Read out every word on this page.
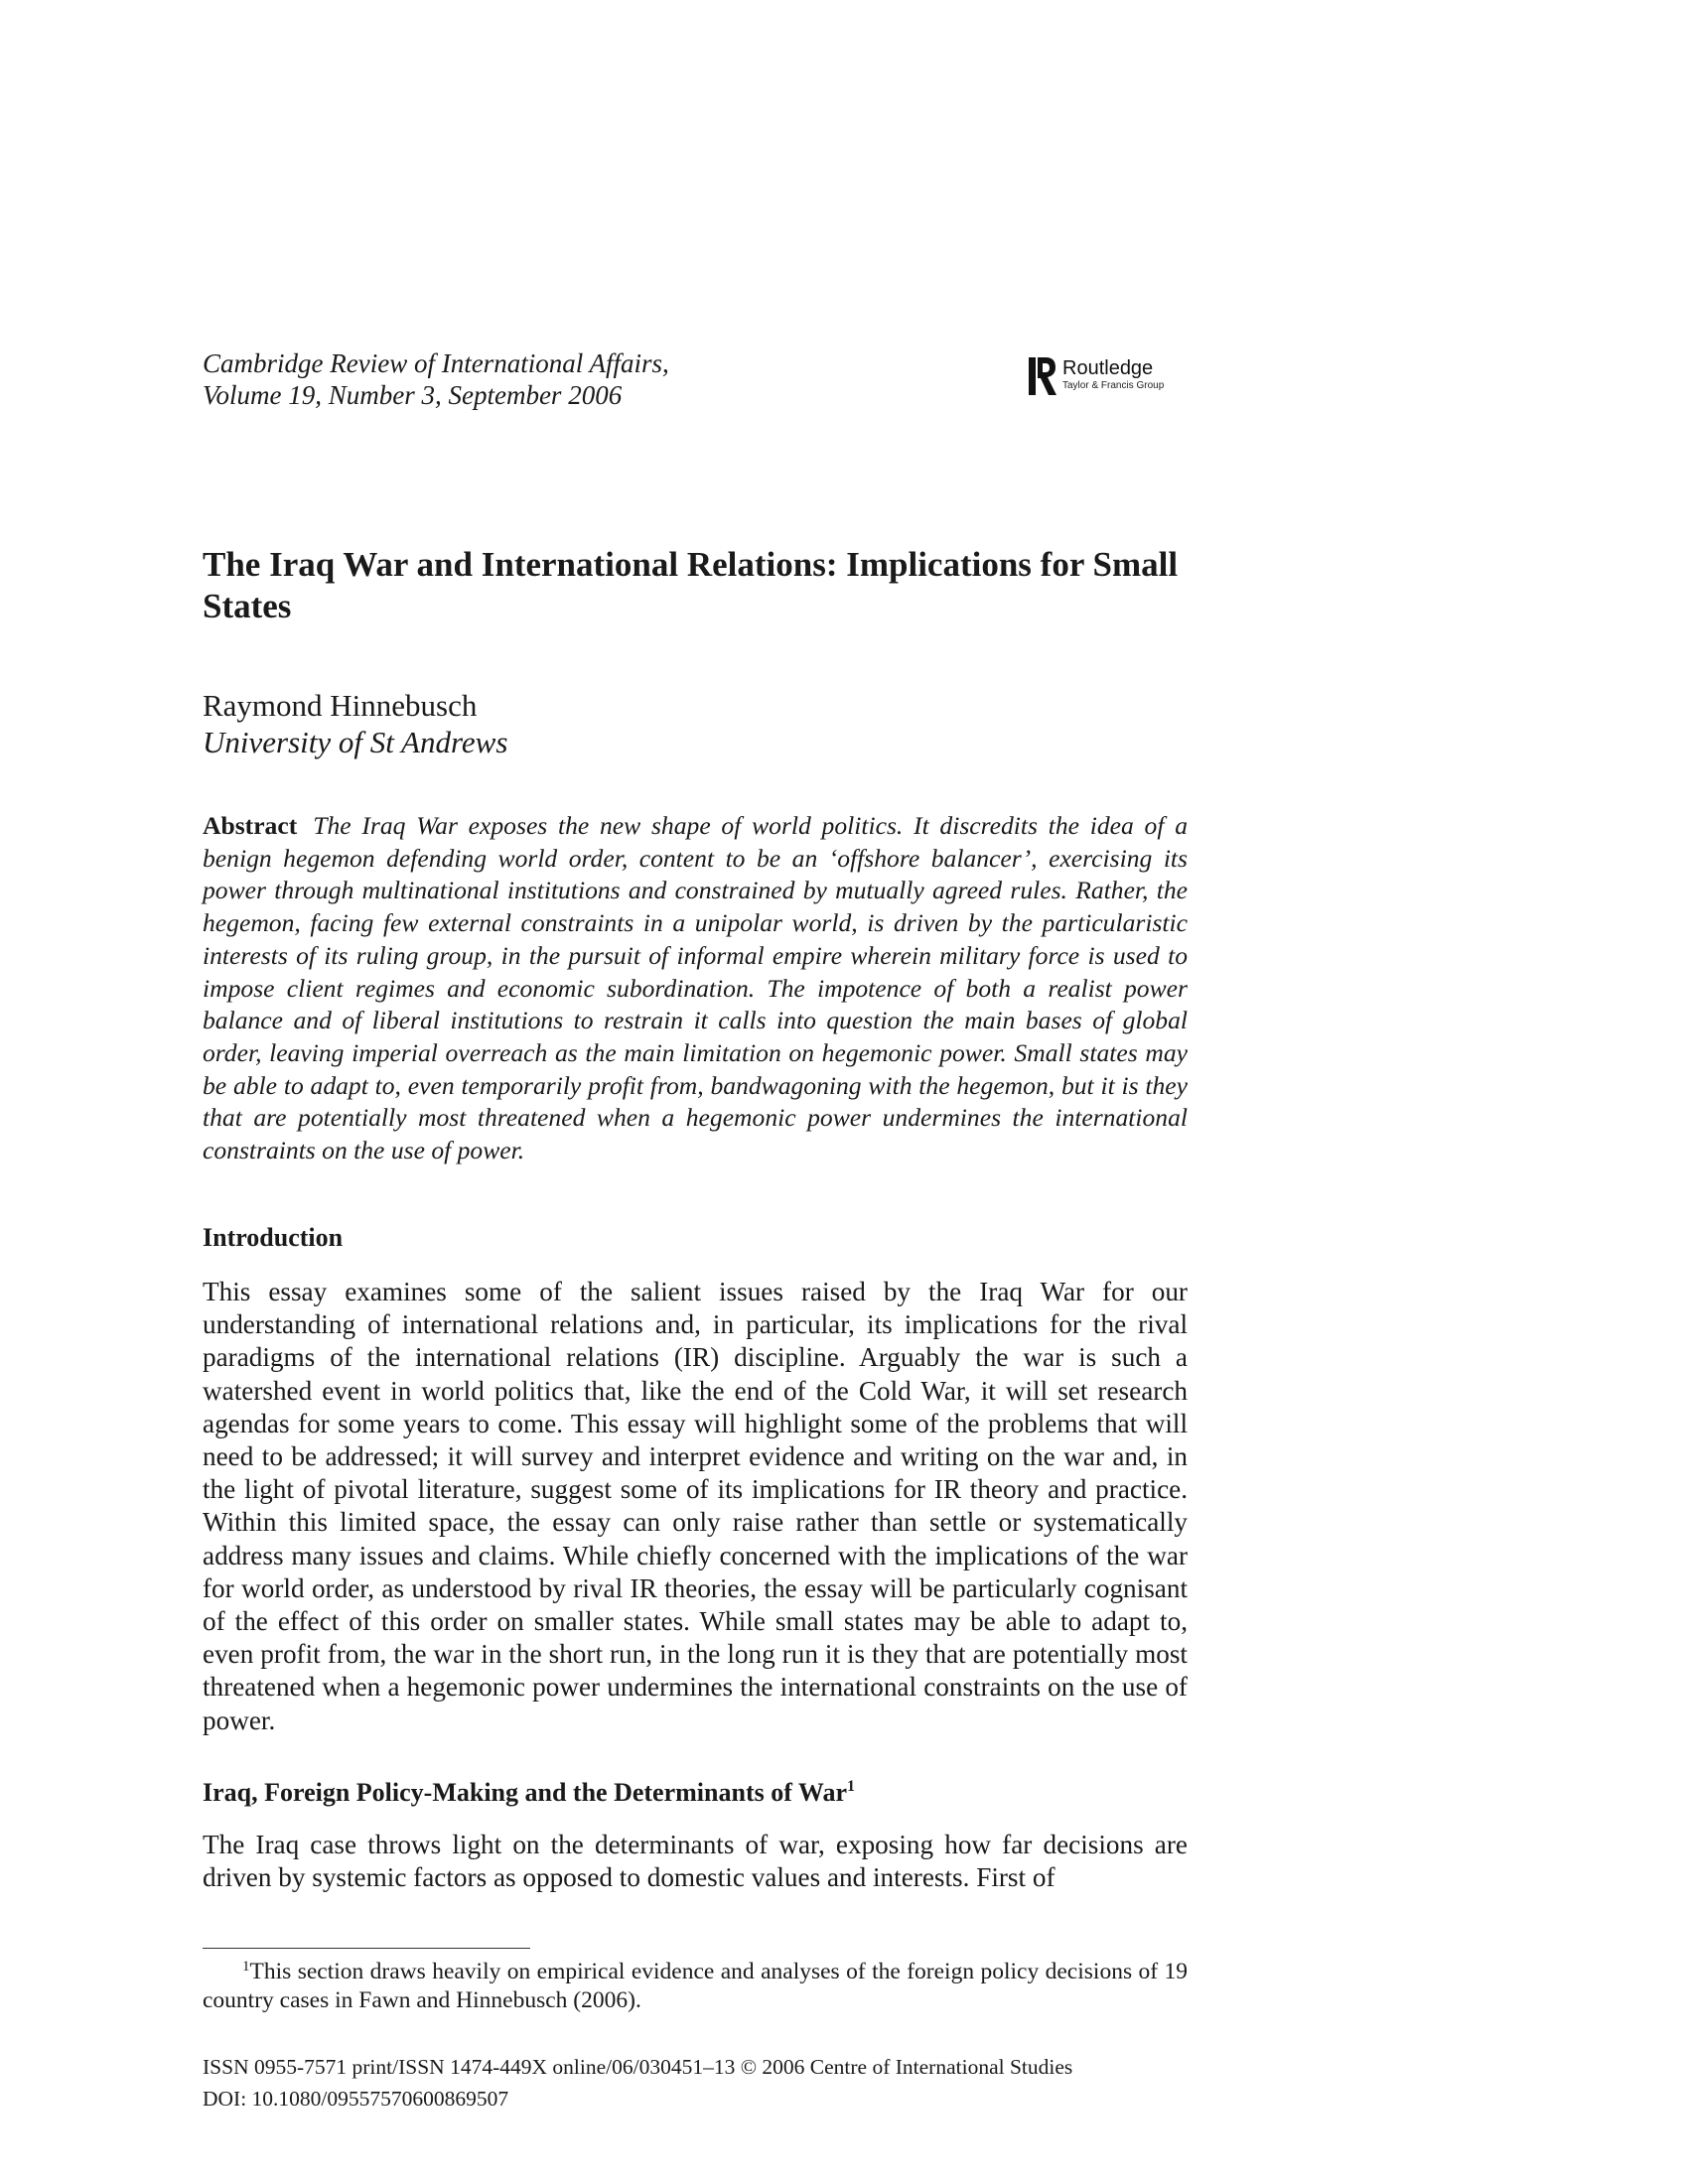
Cambridge Review of International Affairs,

Volume 19, Number 3, September 2006

Routledge
Taylor & Francis Group
The Iraq War and International Relations: Implications for Small States

Raymond Hinnebusch

University of St Andrews

Abstract The Iraq War exposes the new shape of world politics. It discredits the idea of a benign hegemon defending world order, content to be an ‘offshore balancer’, exercising its power through multinational institutions and constrained by mutually agreed rules. Rather, the hegemon, facing few external constraints in a unipolar world, is driven by the particularistic interests of its ruling group, in the pursuit of informal empire wherein military force is used to impose client regimes and economic subordination. The impotence of both a realist power balance and of liberal institutions to restrain it calls into question the main bases of global order, leaving imperial overreach as the main limitation on hegemonic power. Small states may be able to adapt to, even temporarily profit from, bandwagoning with the hegemon, but it is they that are potentially most threatened when a hegemonic power undermines the international constraints on the use of power.

Introduction

This essay examines some of the salient issues raised by the Iraq War for our understanding of international relations and, in particular, its implications for the rival paradigms of the international relations (IR) discipline. Arguably the war is such a watershed event in world politics that, like the end of the Cold War, it will set research agendas for some years to come. This essay will highlight some of the problems that will need to be addressed; it will survey and interpret evidence and writing on the war and, in the light of pivotal literature, suggest some of its implications for IR theory and practice. Within this limited space, the essay can only raise rather than settle or systematically address many issues and claims. While chiefly concerned with the implications of the war for world order, as understood by rival IR theories, the essay will be particularly cognisant of the effect of this order on smaller states. While small states may be able to adapt to, even profit from, the war in the short run, in the long run it is they that are potentially most threatened when a hegemonic power undermines the international constraints on the use of power.

Iraq, Foreign Policy-Making and the Determinants of War$^1$

The Iraq case throws light on the determinants of war, exposing how far decisions are driven by systemic factors as opposed to domestic values and interests. First of

$^1$This section draws heavily on empirical evidence and analyses of the foreign policy decisions of 19 country cases in Fawn and Hinnebusch (2006).

ISSN 0955-7571 print/ISSN 1474-449X online/06/030451–13 © 2006 Centre of International Studies
DOI: 10.1080/09557570600869507
